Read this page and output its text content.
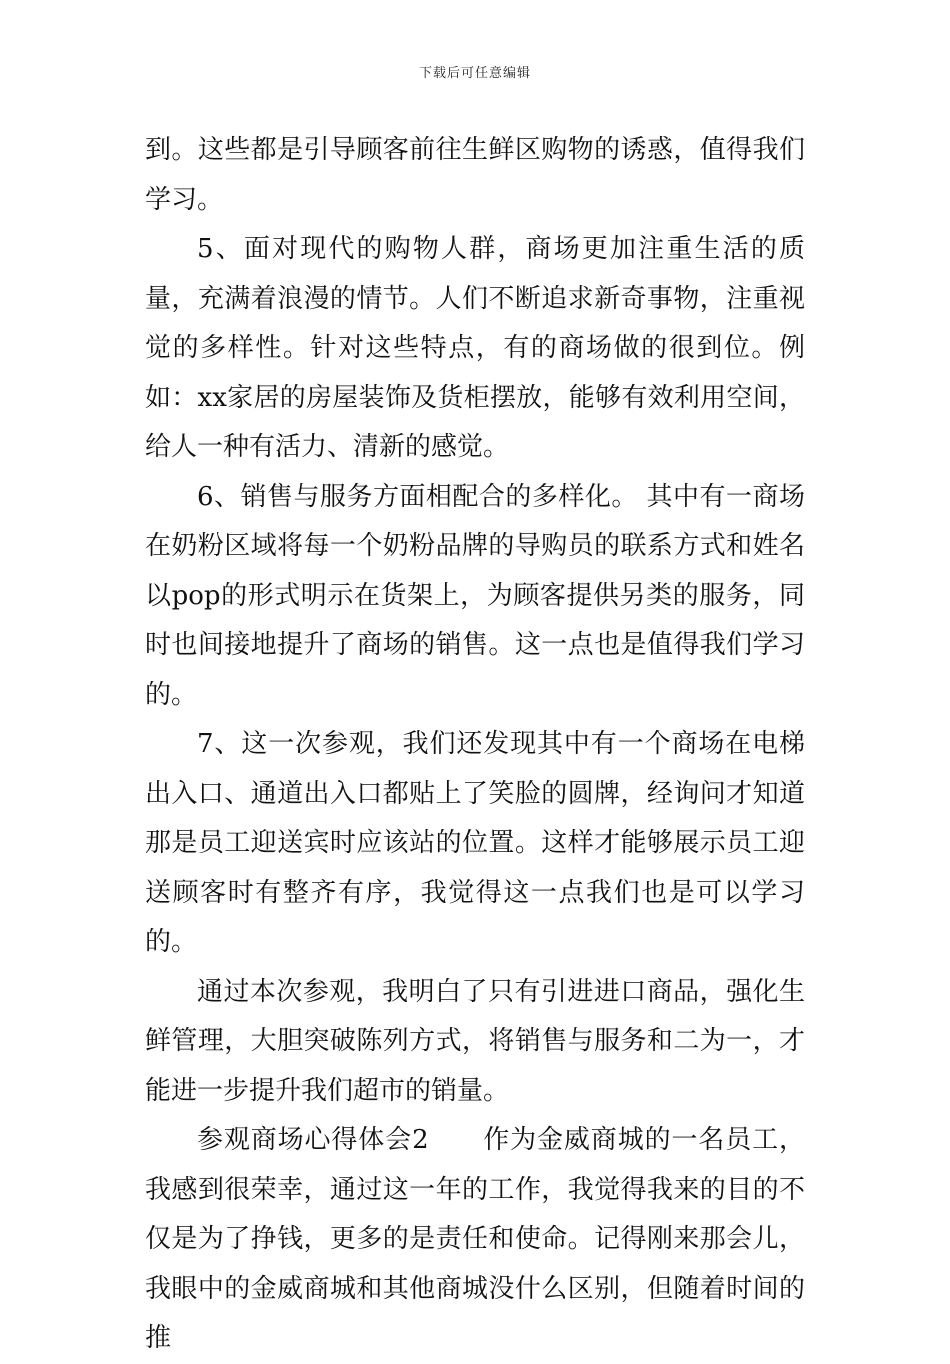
下载后可任意编辑

到。这些都是引导顾客前往生鲜区购物的诱惑，值得我们学习。

5、面对现代的购物人群，商场更加注重生活的质量，充满着浪漫的情节。人们不断追求新奇事物，注重视觉的多样性。针对这些特点，有的商场做的很到位。例如：xx家居的房屋装饰及货柜摆放，能够有效利用空间，给人一种有活力、清新的感觉。

6、销售与服务方面相配合的多样化。 其中有一商场在奶粉区域将每一个奶粉品牌的导购员的联系方式和姓名以pop的形式明示在货架上，为顾客提供另类的服务，同时也间接地提升了商场的销售。这一点也是值得我们学习的。

7、这一次参观，我们还发现其中有一个商场在电梯出入口、通道出入口都贴上了笑脸的圆牌，经询问才知道那是员工迎送宾时应该站的位置。这样才能够展示员工迎送顾客时有整齐有序，我觉得这一点我们也是可以学习的。

通过本次参观，我明白了只有引进进口商品，强化生鲜管理，大胆突破陈列方式，将销售与服务和二为一，才能进一步提升我们超市的销量。

参观商场心得体会2　　作为金威商城的一名员工，我感到很荣幸，通过这一年的工作，我觉得我来的目的不仅是为了挣钱，更多的是责任和使命。记得刚来那会儿，我眼中的金威商城和其他商城没什么区别，但随着时间的推
